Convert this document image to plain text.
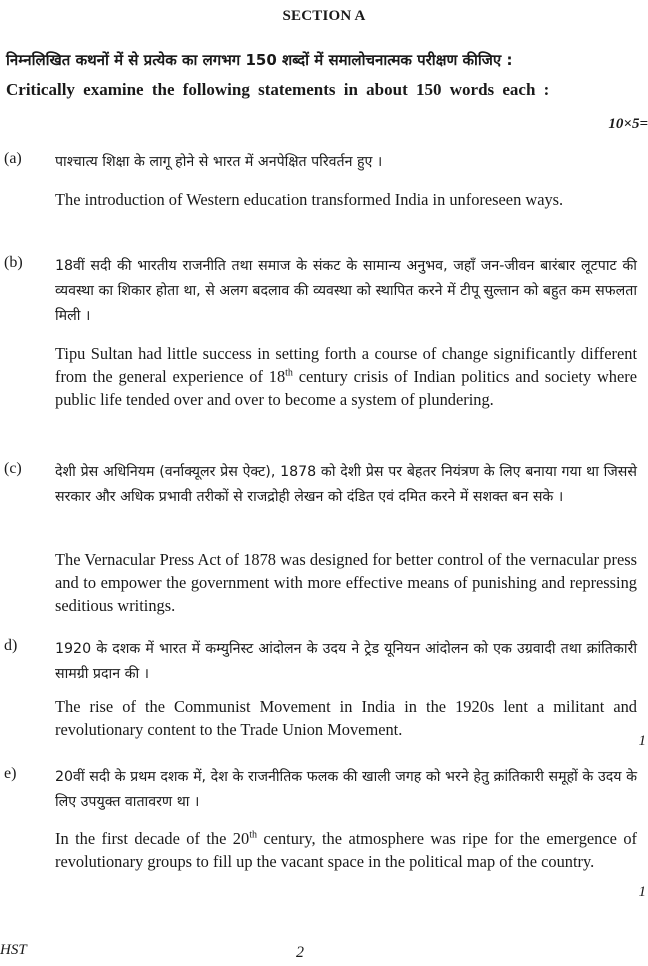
SECTION A
निम्नलिखित कथनों में से प्रत्येक का लगभग 150 शब्दों में समालोचनात्मक परीक्षण कीजिए :
Critically examine the following statements in about 150 words each :
10×5=
(a) पाश्चात्य शिक्षा के लागू होने से भारत में अनपेक्षित परिवर्तन हुए ।
The introduction of Western education transformed India in unforeseen ways.
(b) 18वीं सदी की भारतीय राजनीति तथा समाज के संकट के सामान्य अनुभव, जहाँ जन-जीवन बारंबार लूटपाट की व्यवस्था का शिकार होता था, से अलग बदलाव की व्यवस्था को स्थापित करने में टीपू सुल्तान को बहुत कम सफलता मिली ।
Tipu Sultan had little success in setting forth a course of change significantly different from the general experience of 18th century crisis of Indian politics and society where public life tended over and over to become a system of plundering.
(c) देशी प्रेस अधिनियम (वर्नाक्यूलर प्रेस ऐक्ट), 1878 को देशी प्रेस पर बेहतर नियंत्रण के लिए बनाया गया था जिससे सरकार और अधिक प्रभावी तरीकों से राजद्रोही लेखन को दंडित एवं दमित करने में सशक्त बन सके ।
The Vernacular Press Act of 1878 was designed for better control of the vernacular press and to empower the government with more effective means of punishing and repressing seditious writings.
d)	1920 के दशक में भारत में कम्युनिस्ट आंदोलन के उदय ने ट्रेड यूनियन आंदोलन को एक उग्रवादी तथा क्रांतिकारी सामग्री प्रदान की ।
The rise of the Communist Movement in India in the 1920s lent a militant and revolutionary content to the Trade Union Movement.
1
e)	20वीं सदी के प्रथम दशक में, देश के राजनीतिक फलक की खाली जगह को भरने हेतु क्रांतिकारी समूहों के उदय के लिए उपयुक्त वातावरण था ।
In the first decade of the 20th century, the atmosphere was ripe for the emergence of revolutionary groups to fill up the vacant space in the political map of the country.
1
HST	2
